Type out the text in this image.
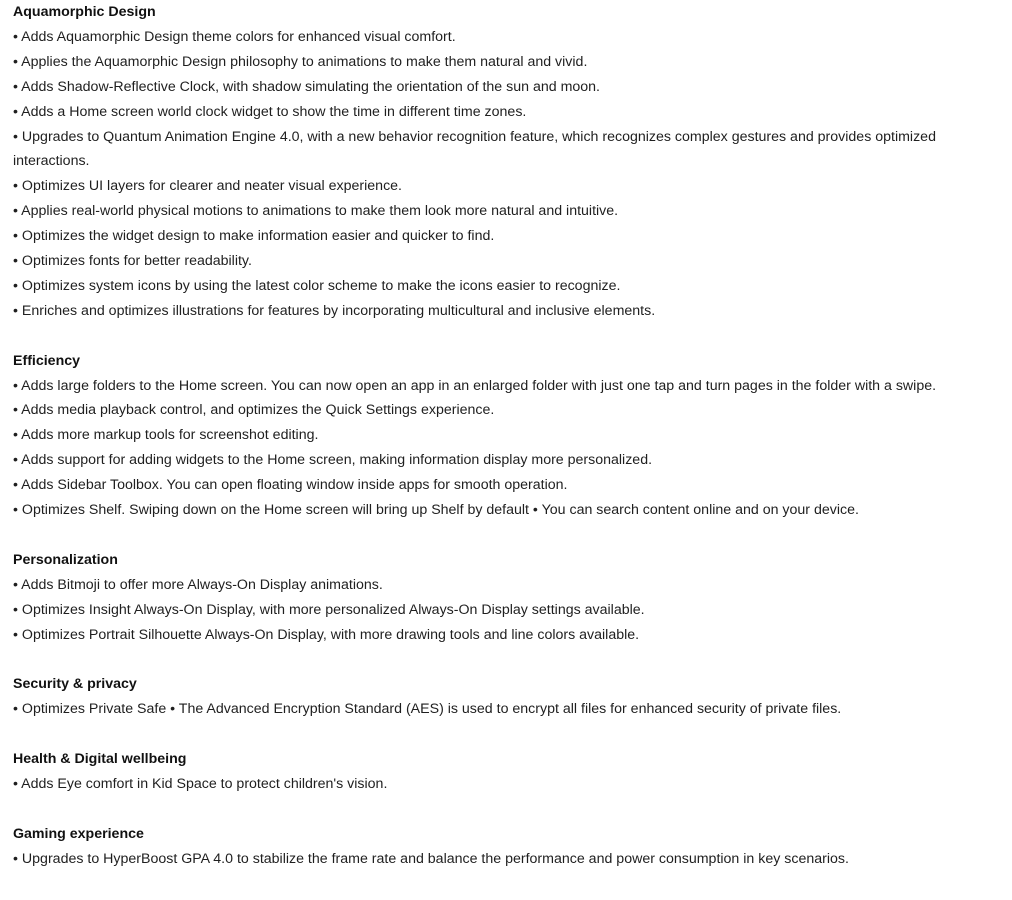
Aquamorphic Design
• Adds Aquamorphic Design theme colors for enhanced visual comfort.
• Applies the Aquamorphic Design philosophy to animations to make them natural and vivid.
• Adds Shadow-Reflective Clock, with shadow simulating the orientation of the sun and moon.
• Adds a Home screen world clock widget to show the time in different time zones.
• Upgrades to Quantum Animation Engine 4.0, with a new behavior recognition feature, which recognizes complex gestures and provides optimized interactions.
• Optimizes UI layers for clearer and neater visual experience.
• Applies real-world physical motions to animations to make them look more natural and intuitive.
• Optimizes the widget design to make information easier and quicker to find.
• Optimizes fonts for better readability.
• Optimizes system icons by using the latest color scheme to make the icons easier to recognize.
• Enriches and optimizes illustrations for features by incorporating multicultural and inclusive elements.
Efficiency
• Adds large folders to the Home screen. You can now open an app in an enlarged folder with just one tap and turn pages in the folder with a swipe.
• Adds media playback control, and optimizes the Quick Settings experience.
• Adds more markup tools for screenshot editing.
• Adds support for adding widgets to the Home screen, making information display more personalized.
• Adds Sidebar Toolbox. You can open floating window inside apps for smooth operation.
• Optimizes Shelf. Swiping down on the Home screen will bring up Shelf by default • You can search content online and on your device.
Personalization
• Adds Bitmoji to offer more Always-On Display animations.
• Optimizes Insight Always-On Display, with more personalized Always-On Display settings available.
• Optimizes Portrait Silhouette Always-On Display, with more drawing tools and line colors available.
Security & privacy
• Optimizes Private Safe • The Advanced Encryption Standard (AES) is used to encrypt all files for enhanced security of private files.
Health & Digital wellbeing
• Adds Eye comfort in Kid Space to protect children's vision.
Gaming experience
• Upgrades to HyperBoost GPA 4.0 to stabilize the frame rate and balance the performance and power consumption in key scenarios.
